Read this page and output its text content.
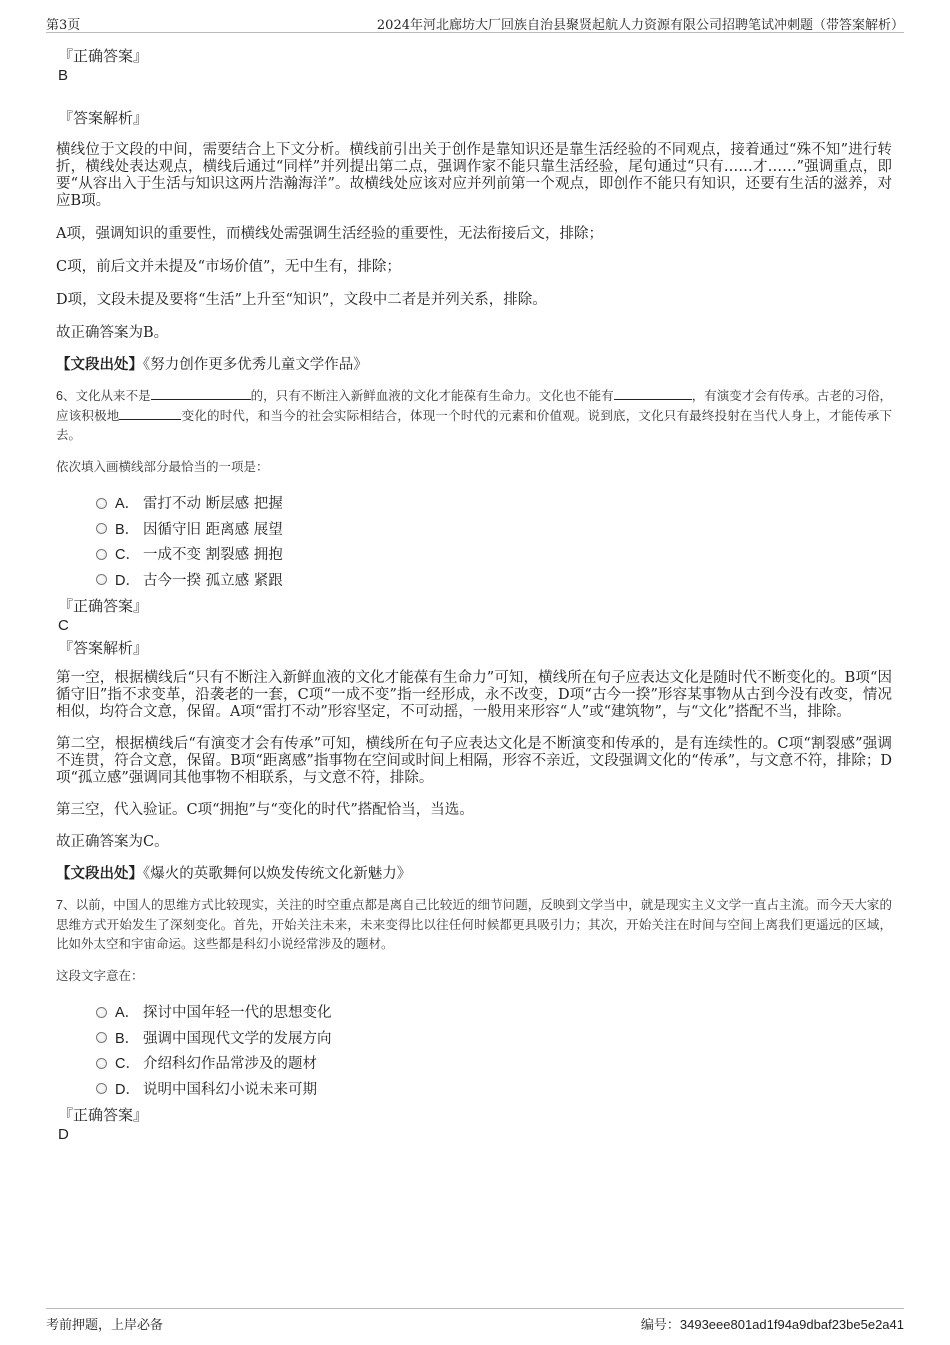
第3页	2024年河北廊坊大厂回族自治县聚贤起航人力资源有限公司招聘笔试冲刺题（带答案解析）
『正确答案』
B
『答案解析』

横线位于文段的中间，需要结合上下文分析。横线前引出关于创作是靠知识还是靠生活经验的不同观点，接着通过“殊不知”进行转折，横线处表达观点，横线后通过“同样”并列提出第二点，强调作家不能只靠生活经验，尾句通过“只有……才……”强调重点，即要“从容出入于生活与知识这两片浩瀚海洋”。故横线处应该对应并列前第一个观点，即创作不能只有知识，还要有生活的滋养，对应B项。

A项，强调知识的重要性，而横线处需强调生活经验的重要性，无法衔接后文，排除；

C项，前后文并未提及“市场价值”，无中生有，排除；

D项，文段未提及要将“生活”上升至“知识”，文段中二者是并列关系，排除。

故正确答案为B。

【文段出处】《努力创作更多优秀儿童文学作品》

6、文化从来不是	的，只有不断注入新鲜血液的文化才能葆有生命力。文化也不能有	，有演变才会有传承。古老的习俗，应该积极地	变化的时代，和当今的社会实际相结合，体现一个时代的元素和价值观。说到底，文化只有最终投射在当代人身上，才能传承下去。

依次填入画横线部分最恰当的一项是：
A． 雷打不动 断层感 把握
B． 因循守旧 距离感 展望
C． 一成不变 割裂感 拥抱
D． 古今一揆 孤立感 紧跟
『正确答案』
C
『答案解析』

第一空，根据横线后“只有不断注入新鲜血液的文化才能葆有生命力”可知，横线所在句子应表达文化是随时代不断变化的。B项“因循守旧”指不求变革，沿袭老的一套，C项“一成不变”指一经形成，永不改变，D项“古今一揆”形容某事物从古到今没有改变，情况相似，均符合文意，保留。A项“雷打不动”形容坚定，不可动摇，一般用来形容“人”或“建筑物”，与“文化”搭配不当，排除。

第二空，根据横线后“有演变才会有传承”可知，横线所在句子应表达文化是不断演变和传承的，是有连续性的。C项“割裂感”强调不连贯，符合文意，保留。B项“距离感”指事物在空间或时间上相隔，形容不亲近，文段强调文化的“传承”，与文意不符，排除；D项“孤立感”强调同其他事物不相联系，与文意不符，排除。

第三空，代入验证。C项“拥抱”与“变化的时代”搭配恰当，当选。

故正确答案为C。

【文段出处】《爆火的英歌舞何以焕发传统文化新魅力》

7、以前，中国人的思维方式比较现实，关注的时空重点都是离自己比较近的细节问题，反映到文学当中，就是现实主义文学一直占主流。而今天大家的思维方式开始发生了深刻变化。首先，开始关注未来，未来变得比以往任何时候都更具吸引力；其次，开始关注在时间与空间上离我们更遥远的区域，比如外太空和宇宙命运。这些都是科幻小说经常涉及的题材。

这段文字意在：
A． 探讨中国年轻一代的思想变化
B． 强调中国现代文学的发展方向
C． 介绍科幻作品常涉及的题材
D． 说明中国科幻小说未来可期
『正确答案』
D
考前押题，上岸必备	编号：3493eee801ad1f94a9dbaf23be5e2a41
